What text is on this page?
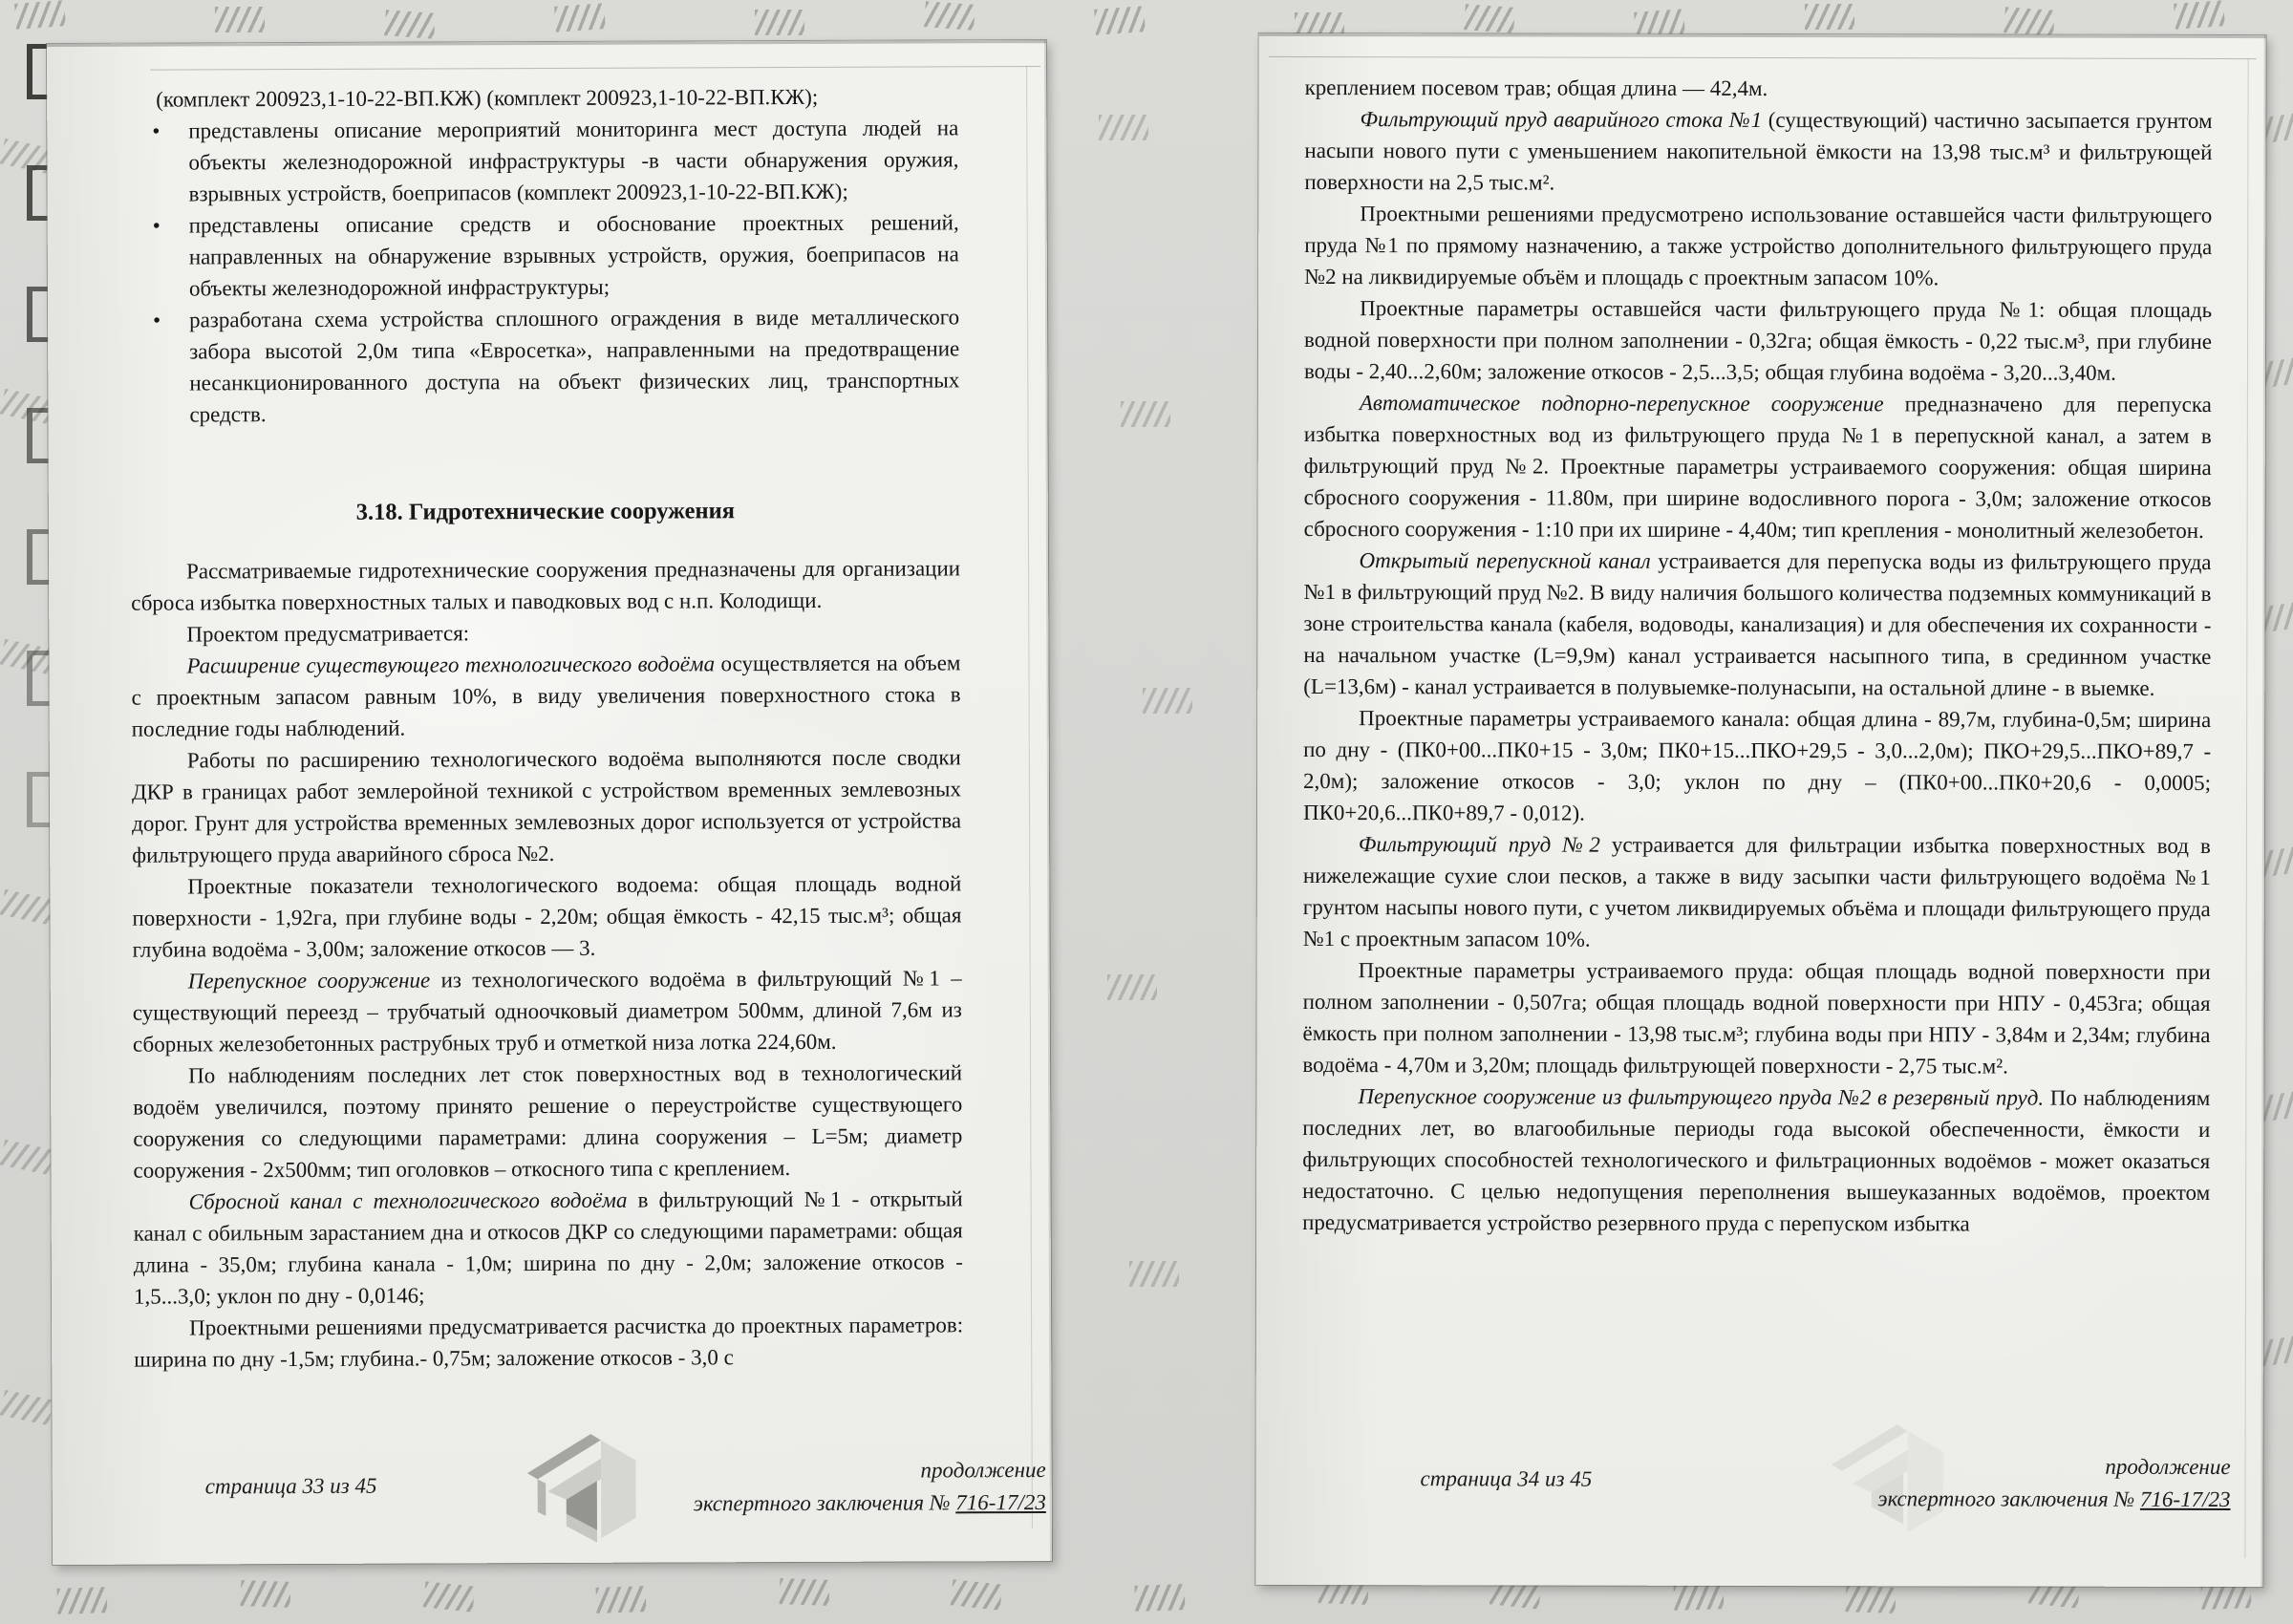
(комплект 200923,1-10-22-ВП.КЖ) (комплект 200923,1-10-22-ВП.КЖ);

• представлены описание мероприятий мониторинга мест доступа людей на объекты железнодорожной инфраструктуры -в части обнаружения оружия, взрывных устройств, боеприпасов (комплект 200923,1-10-22-ВП.КЖ);
• представлены описание средств и обоснование проектных решений, направленных на обнаружение взрывных устройств, оружия, боеприпасов на объекты железнодорожной инфраструктуры;
• разработана схема устройства сплошного ограждения в виде металлического забора высотой 2,0м типа «Евросетка», направленными на предотвращение несанкционированного доступа на объект физических лиц, транспортных средств.
3.18. Гидротехнические сооружения

Рассматриваемые гидротехнические сооружения предназначены для организации сброса избытка поверхностных талых и паводковых вод с н.п. Колодищи.

Проектом предусматривается:

Расширение существующего технологического водоёма осуществляется на объем с проектным запасом равным 10%, в виду увеличения поверхностного стока в последние годы наблюдений.

Работы по расширению технологического водоёма выполняются после сводки ДКР в границах работ землеройной техникой с устройством временных землевозных дорог. Грунт для устройства временных землевозных дорог используется от устройства фильтрующего пруда аварийного сброса №2.

Проектные показатели технологического водоема: общая площадь водной поверхности - 1,92га, при глубине воды - 2,20м; общая ёмкость - 42,15 тыс.м³; общая глубина водоёма - 3,00м; заложение откосов — 3.

Перепускное сооружение из технологического водоёма в фильтрующий №1 – существующий переезд – трубчатый одноочковый диаметром 500мм, длиной 7,6м из сборных железобетонных раструбных труб и отметкой низа лотка 224,60м.

По наблюдениям последних лет сток поверхностных вод в технологический водоём увеличился, поэтому принято решение о переустройстве существующего сооружения со следующими параметрами: длина сооружения – L=5м; диаметр сооружения - 2х500мм; тип оголовков – откосного типа с креплением.

Сбросной канал с технологического водоёма в фильтрующий №1 - открытый канал с обильным зарастанием дна и откосов ДКР со следующими параметрами: общая длина - 35,0м; глубина канала - 1,0м; ширина по дну - 2,0м; заложение откосов - 1,5...3,0; уклон по дну - 0,0146;

Проектными решениями предусматривается расчистка до проектных параметров: ширина по дну -1,5м; глубина.- 0,75м; заложение откосов - 3,0 с

страница 33 из 45
продолжение
экспертного заключения № 716-17/23

креплением посевом трав; общая длина — 42,4м.

Фильтрующий пруд аварийного стока №1 (существующий) частично засыпается грунтом насыпи нового пути с уменьшением накопительной ёмкости на 13,98 тыс.м³ и фильтрующей поверхности на 2,5 тыс.м².

Проектными решениями предусмотрено использование оставшейся части фильтрующего пруда №1 по прямому назначению, а также устройство дополнительного фильтрующего пруда №2 на ликвидируемые объём и площадь с проектным запасом 10%.

Проектные параметры оставшейся части фильтрующего пруда №1: общая площадь водной поверхности при полном заполнении - 0,32га; общая ёмкость - 0,22 тыс.м³, при глубине воды - 2,40...2,60м; заложение откосов - 2,5...3,5; общая глубина водоёма - 3,20...3,40м.

Автоматическое подпорно-перепускное сооружение предназначено для перепуска избытка поверхностных вод из фильтрующего пруда №1 в перепускной канал, а затем в фильтрующий пруд №2. Проектные параметры устраиваемого сооружения: общая ширина сбросного сооружения - 11.80м, при ширине водосливного порога - 3,0м; заложение откосов сбросного сооружения - 1:10 при их ширине - 4,40м; тип крепления - монолитный железобетон.

Открытый перепускной канал устраивается для перепуска воды из фильтрующего пруда №1 в фильтрующий пруд №2. В виду наличия большого количества подземных коммуникаций в зоне строительства канала (кабеля, водоводы, канализация) и для обеспечения их сохранности - на начальном участке (L=9,9м) канал устраивается насыпного типа, в срединном участке (L=13,6м) - канал устраивается в полувыемке-полунасыпи, на остальной длине - в выемке.

Проектные параметры устраиваемого канала: общая длина - 89,7м, глубина-0,5м; ширина по дну - (ПК0+00...ПК0+15 - 3,0м; ПК0+15...ПКО+29,5 - 3,0...2,0м); ПКО+29,5...ПКО+89,7 - 2,0м); заложение откосов - 3,0; уклон по дну – (ПК0+00...ПК0+20,6 - 0,0005; ПК0+20,6...ПК0+89,7 - 0,012).

Фильтрующий пруд №2 устраивается для фильтрации избытка поверхностных вод в нижележащие сухие слои песков, а также в виду засыпки части фильтрующего водоёма №1 грунтом насыпы нового пути, с учетом ликвидируемых объёма и площади фильтрующего пруда №1 с проектным запасом 10%.

Проектные параметры устраиваемого пруда: общая площадь водной поверхности при полном заполнении - 0,507га; общая площадь водной поверхности при НПУ - 0,453га; общая ёмкость при полном заполнении - 13,98 тыс.м³; глубина воды при НПУ - 3,84м и 2,34м; глубина водоёма - 4,70м и 3,20м; площадь фильтрующей поверхности - 2,75 тыс.м².

Перепускное сооружение из фильтрующего пруда №2 в резервный пруд. По наблюдениям последних лет, во влагообильные периоды года высокой обеспеченности, ёмкости и фильтрующих способностей технологического и фильтрационных водоёмов - может оказаться недостаточно. С целью недопущения переполнения вышеуказанных водоёмов, проектом предусматривается устройство резервного пруда с перепуском избытка

страница 34 из 45	продолжение
экспертного заключения № 716-17/23
